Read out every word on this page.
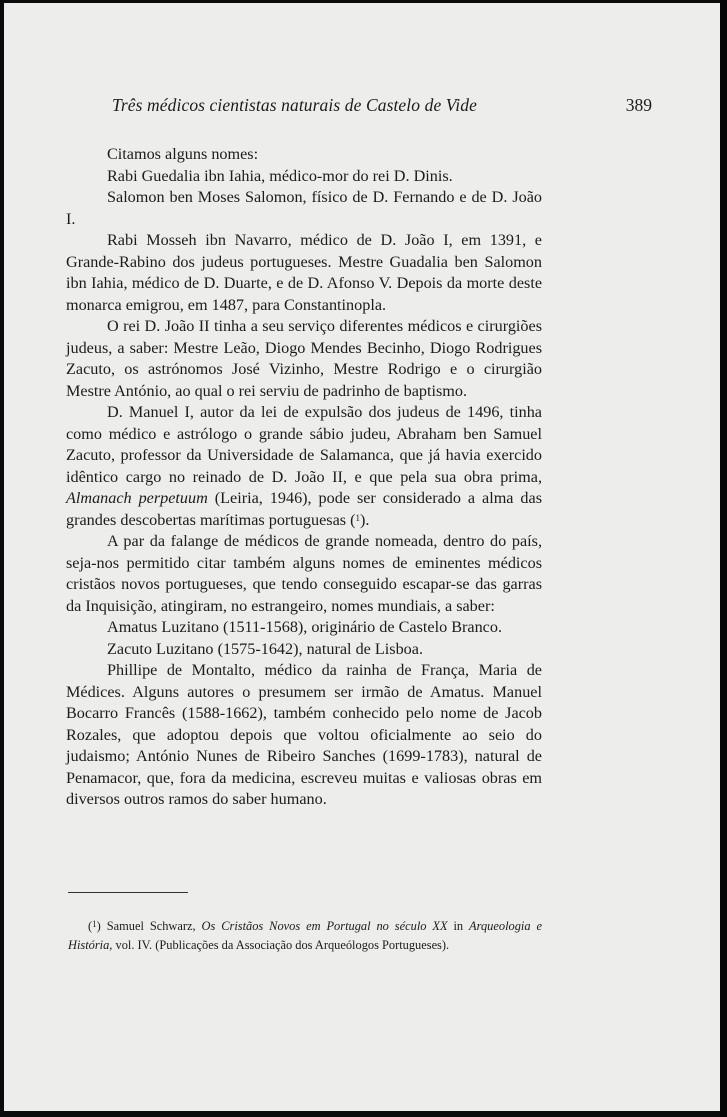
Três médicos cientistas naturais de Castelo de Vide	389

Citamos alguns nomes:

Rabi Guedalia ibn Iahia, médico-mor do rei D. Dinis.

Salomon ben Moses Salomon, físico de D. Fernando e de D. João I.

Rabi Mosseh ibn Navarro, médico de D. João I, em 1391, e Grande-Rabino dos judeus portugueses. Mestre Guadalia ben Salomon ibn Iahia, médico de D. Duarte, e de D. Afonso V. Depois da morte deste monarca emigrou, em 1487, para Constantinopla.

O rei D. João II tinha a seu serviço diferentes médicos e cirurgiões judeus, a saber: Mestre Leão, Diogo Mendes Becinho, Diogo Rodrigues Zacuto, os astrónomos José Vizinho, Mestre Rodrigo e o cirurgião Mestre António, ao qual o rei serviu de padrinho de baptismo.

D. Manuel I, autor da lei de expulsão dos judeus de 1496, tinha como médico e astrólogo o grande sábio judeu, Abraham ben Samuel Zacuto, professor da Universidade de Salamanca, que já havia exercido idêntico cargo no reinado de D. João II, e que pela sua obra prima, Almanach perpetuum (Leiria, 1946), pode ser considerado a alma das grandes descobertas marítimas portuguesas ($^1$).

A par da falange de médicos de grande nomeada, dentro do país, seja-nos permitido citar também alguns nomes de eminentes médicos cristãos novos portugueses, que tendo conseguido escapar-se das garras da Inquisição, atingiram, no estrangeiro, nomes mundiais, a saber:

Amatus Luzitano (1511-1568), originário de Castelo Branco.

Zacuto Luzitano (1575-1642), natural de Lisboa.

Phillipe de Montalto, médico da rainha de França, Maria de Médices. Alguns autores o presumem ser irmão de Amatus. Manuel Bocarro Francês (1588-1662), também conhecido pelo nome de Jacob Rozales, que adoptou depois que voltou oficialmente ao seio do judaismo; António Nunes de Ribeiro Sanches (1699-1783), natural de Penamacor, que, fora da medicina, escreveu muitas e valiosas obras em diversos outros ramos do saber humano.

($^1$) Samuel Schwarz, Os Cristãos Novos em Portugal no século XX in Arqueologia e História, vol. IV. (Publicações da Associação dos Arqueólogos Portugueses).
